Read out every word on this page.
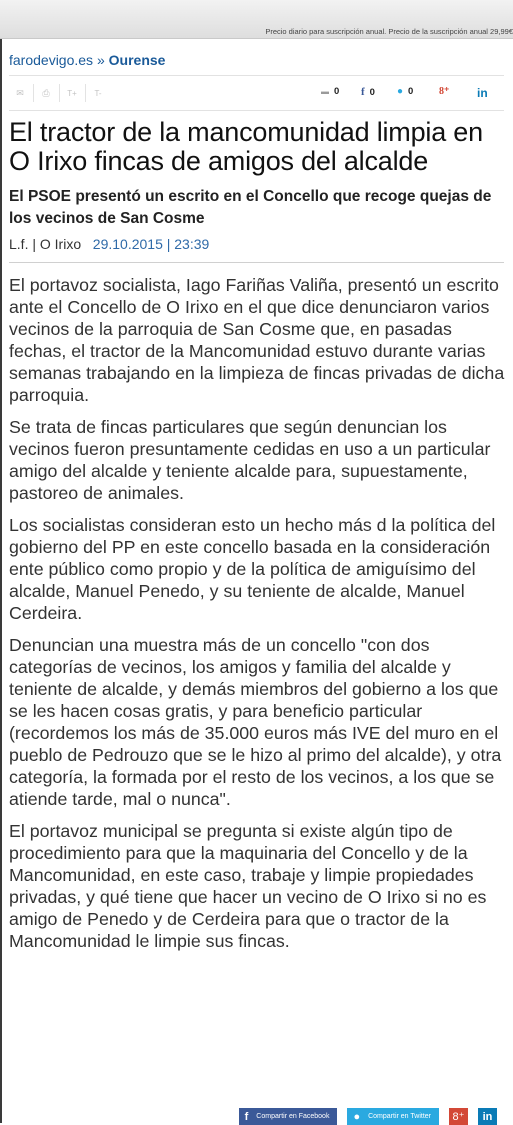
Precio diario para suscripción anual. Precio de la suscripción anual 29,99€
farodevigo.es » Ourense
✉	⎙	T+	T-	▬ 0 f 0 ● 0	8⁺ in
El tractor de la mancomunidad limpia en O Irixo fincas de amigos del alcalde
El PSOE presentó un escrito en el Concello que recoge quejas de los vecinos de San Cosme
L.f. | O Irixo 29.10.2015 | 23:39

El portavoz socialista, Iago Fariñas Valiña, presentó un escrito ante el Concello de O Irixo en el que dice denunciaron varios vecinos de la parroquia de San Cosme que, en pasadas fechas, el tractor de la Mancomunidad estuvo durante varias semanas trabajando en la limpieza de fincas privadas de dicha parroquia.

Se trata de fincas particulares que según denuncian los vecinos fueron presuntamente cedidas en uso a un particular amigo del alcalde y teniente alcalde para, supuestamente, pastoreo de animales.

Los socialistas consideran esto un hecho más d la política del gobierno del PP en este concello basada en la consideración ente público como propio y de la política de amiguísimo del alcalde, Manuel Penedo, y su teniente de alcalde, Manuel Cerdeira.

Denuncian una muestra más de un concello "con dos categorías de vecinos, los amigos y familia del alcalde y teniente de alcalde, y demás miembros del gobierno a los que se les hacen cosas gratis, y para beneficio particular (recordemos los más de 35.000 euros más IVE del muro en el pueblo de Pedrouzo que se le hizo al primo del alcalde), y otra categoría, la formada por el resto de los vecinos, a los que se atiende tarde, mal o nunca".

El portavoz municipal se pregunta si existe algún tipo de procedimiento para que la maquinaria del Concello y de la Mancomunidad, en este caso, trabaje y limpie propiedades privadas, y qué tiene que hacer un vecino de O Irixo si no es amigo de Penedo y de Cerdeira para que o tractor de la Mancomunidad le limpie sus fincas.

f Compartir en Facebook ● Compartir en Twitter 8⁺ in
